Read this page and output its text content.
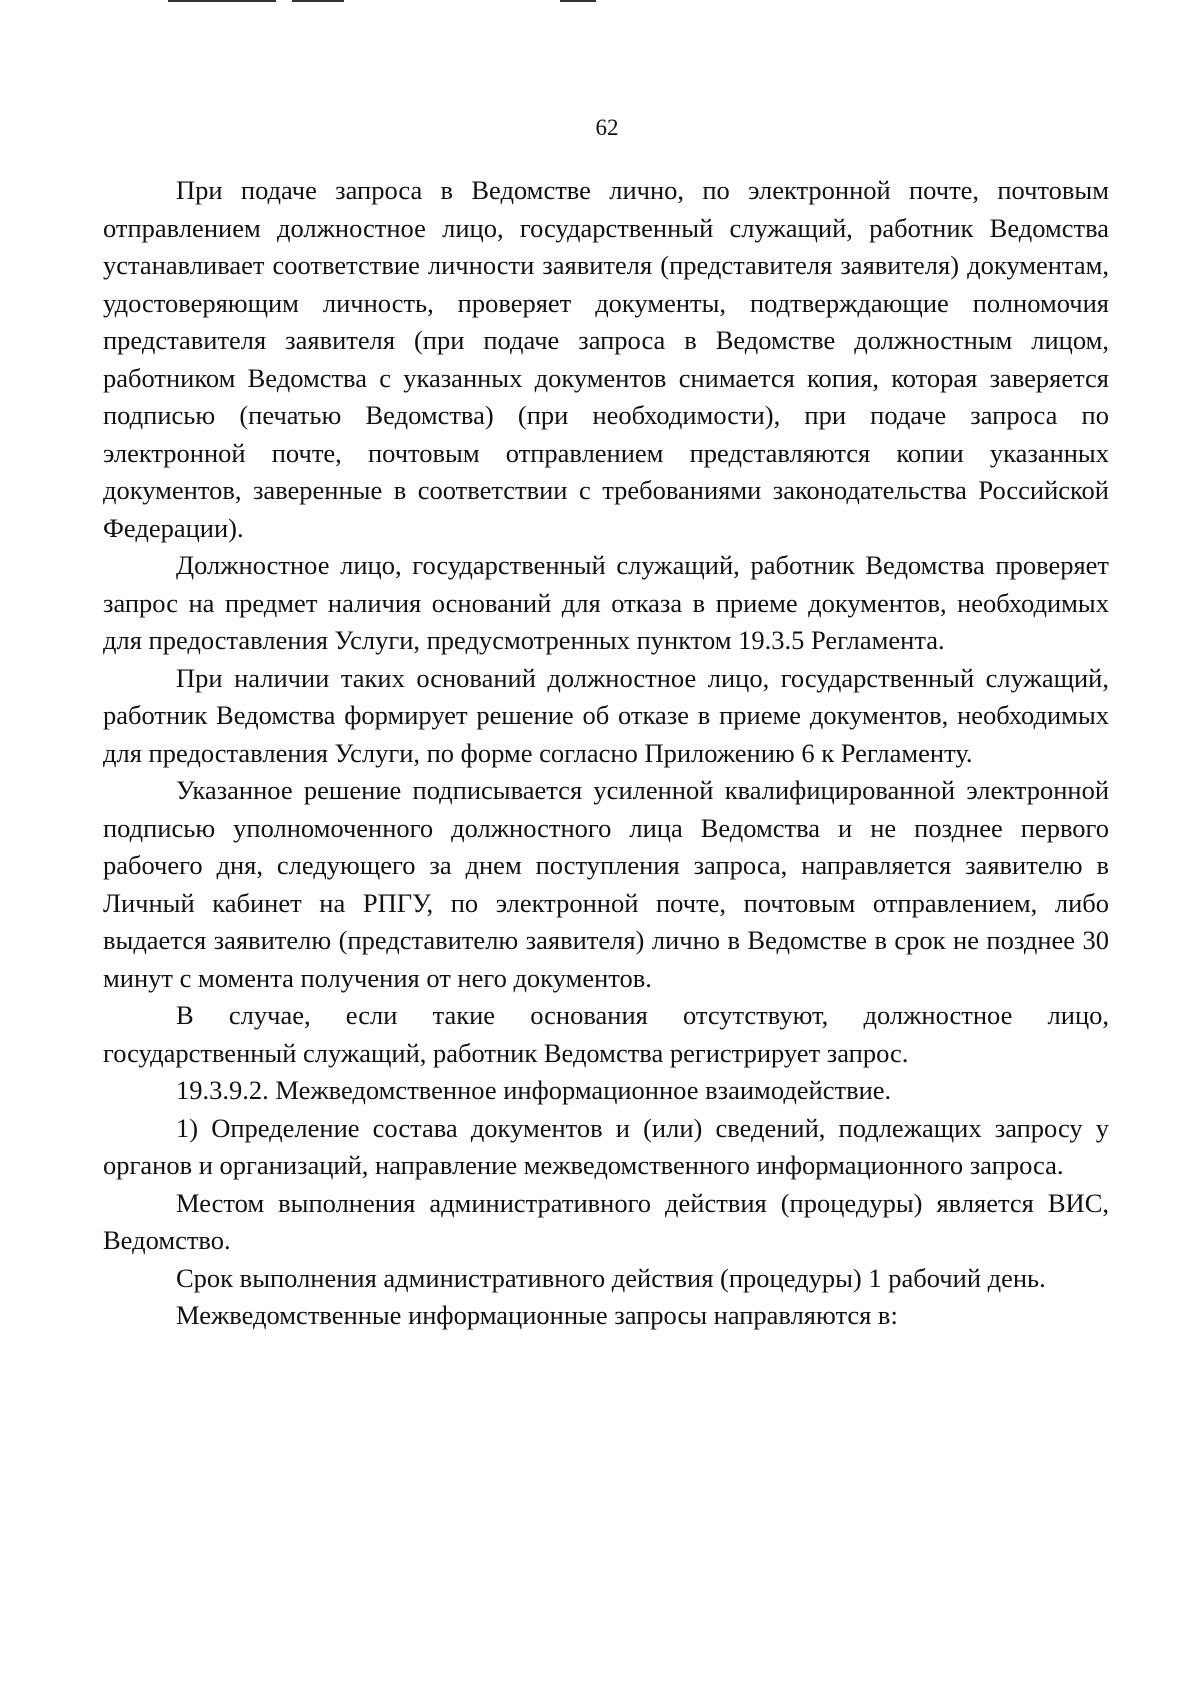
62

При подаче запроса в Ведомстве лично, по электронной почте, почтовым отправлением должностное лицо, государственный служащий, работник Ведомства устанавливает соответствие личности заявителя (представителя заявителя) документам, удостоверяющим личность, проверяет документы, подтверждающие полномочия представителя заявителя (при подаче запроса в Ведомстве должностным лицом, работником Ведомства с указанных документов снимается копия, которая заверяется подписью (печатью Ведомства) (при необходимости), при подаче запроса по электронной почте, почтовым отправлением представляются копии указанных документов, заверенные в соответствии с требованиями законодательства Российской Федерации).

Должностное лицо, государственный служащий, работник Ведомства проверяет запрос на предмет наличия оснований для отказа в приеме документов, необходимых для предоставления Услуги, предусмотренных пунктом 19.3.5 Регламента.

При наличии таких оснований должностное лицо, государственный служащий, работник Ведомства формирует решение об отказе в приеме документов, необходимых для предоставления Услуги, по форме согласно Приложению 6 к Регламенту.

Указанное решение подписывается усиленной квалифицированной электронной подписью уполномоченного должностного лица Ведомства и не позднее первого рабочего дня, следующего за днем поступления запроса, направляется заявителю в Личный кабинет на РПГУ, по электронной почте, почтовым отправлением, либо выдается заявителю (представителю заявителя) лично в Ведомстве в срок не позднее 30 минут с момента получения от него документов.

В случае, если такие основания отсутствуют, должностное лицо, государственный служащий, работник Ведомства регистрирует запрос.

19.3.9.2. Межведомственное информационное взаимодействие.

1) Определение состава документов и (или) сведений, подлежащих запросу у органов и организаций, направление межведомственного информационного запроса.

Местом выполнения административного действия (процедуры) является ВИС, Ведомство.

Срок выполнения административного действия (процедуры) 1 рабочий день.

Межведомственные информационные запросы направляются в:
